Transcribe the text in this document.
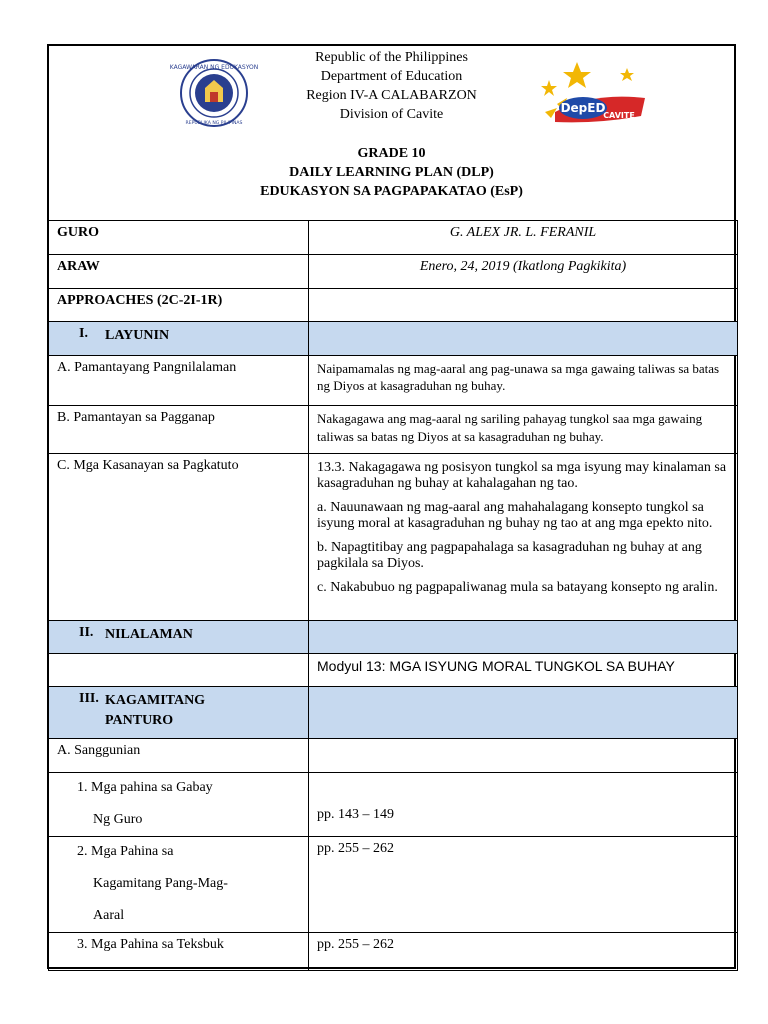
KAGAWARAN NG EDUKASYON
REPUBLIKA NG PILIPINAS
Republic of the Philippines
Department of Education
Region IV-A CALABARZON
Division of Cavite	DepED
CAVITE
GRADE 10
DAILY LEARNING PLAN (DLP)
EDUKASYON SA PAGPAPAKATAO (EsP)
GURO	G. ALEX JR. L. FERANIL
ARAW	Enero, 24, 2019 (Ikatlong Pagkikita)
APPROACHES (2C-2I-1R)	

I. LAYUNIN	

A. Pamantayang Pangnilalaman	Naipamamalas ng mag-aaral ang pag-unawa sa mga gawaing taliwas sa batas ng Diyos at kasagraduhan ng buhay.
B. Pamantayan sa Pagganap	Nakagagawa ang mag-aaral ng sariling pahayag tungkol saa mga gawaing taliwas sa batas ng Diyos at sa kasagraduhan ng buhay.
C. Mga Kasanayan sa Pagkatuto	13.3. Nakagagawa ng posisyon tungkol sa mga isyung may kinalaman sa kasagraduhan ng buhay at kahalagahan ng tao.

a. Nauunawaan ng mag-aaral ang mahahalagang konsepto tungkol sa isyung moral at kasagraduhan ng buhay ng tao at ang mga epekto nito.

b. Napagtitibay ang pagpapahalaga sa kasagraduhan ng buhay at ang pagkilala sa Diyos.

c. Nakabubuo ng pagpapaliwanag mula sa batayang konsepto ng aralin.

II. NILALAMAN	

	Modyul 13: MGA ISYUNG MORAL TUNGKOL SA BUHAY

III. KAGAMITANG
PANTURO	

A. Sanggunian	

1. Mga pahina sa Gabay
Ng Guro	pp. 143 – 149

2. Mga Pahina sa
Kagamitang Pang-Mag-
Aaral	pp. 255 – 262
3. Mga Pahina sa Teksbuk	pp. 255 – 262
